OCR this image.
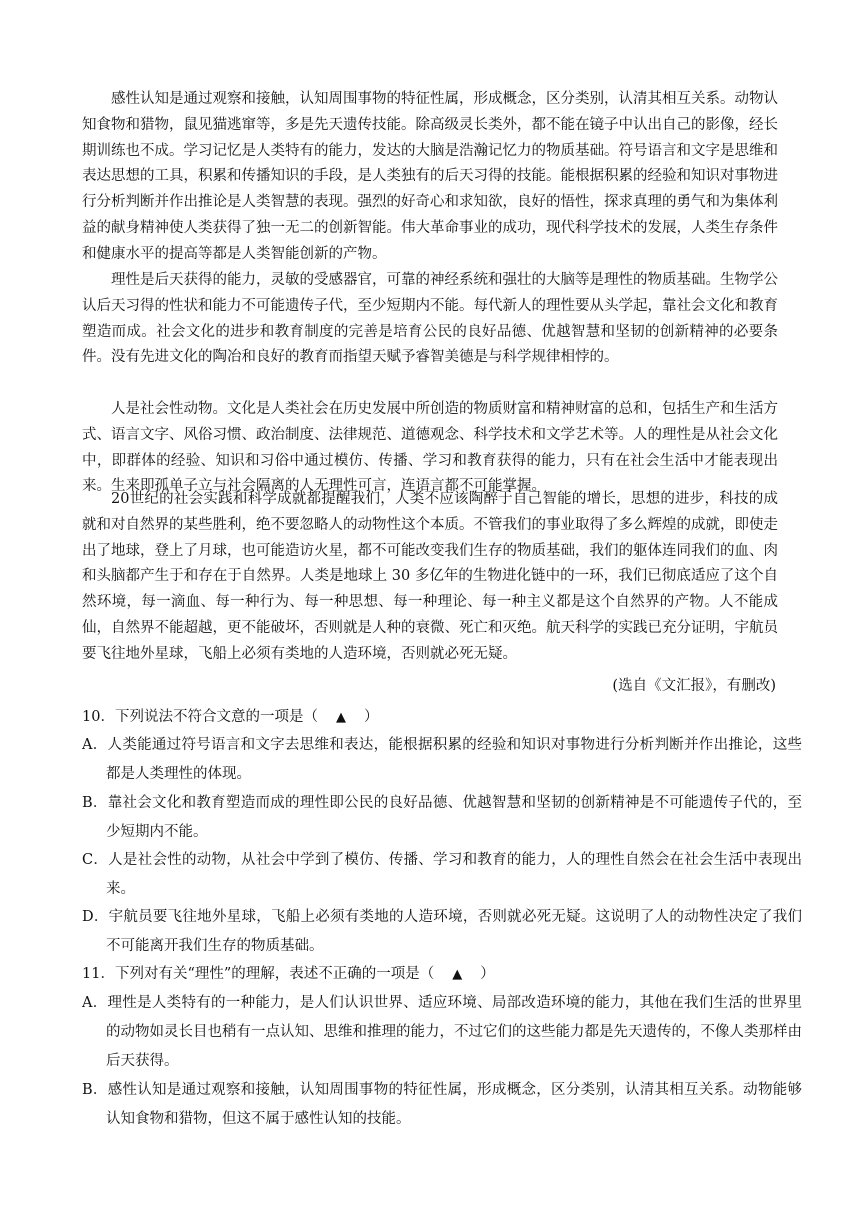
感性认知是通过观察和接触，认知周围事物的特征性属，形成概念，区分类别，认清其相互关系。动物认知食物和猎物，鼠见猫逃窜等，多是先天遗传技能。除高级灵长类外，都不能在镜子中认出自己的影像，经长期训练也不成。学习记忆是人类特有的能力，发达的大脑是浩瀚记忆力的物质基础。符号语言和文字是思维和表达思想的工具，积累和传播知识的手段，是人类独有的后天习得的技能。能根据积累的经验和知识对事物进行分析判断并作出推论是人类智慧的表现。强烈的好奇心和求知欲，良好的悟性，探求真理的勇气和为集体利益的献身精神使人类获得了独一无二的创新智能。伟大革命事业的成功，现代科学技术的发展，人类生存条件和健康水平的提高等都是人类智能创新的产物。

理性是后天获得的能力，灵敏的受感器官，可靠的神经系统和强壮的大脑等是理性的物质基础。生物学公认后天习得的性状和能力不可能遗传子代，至少短期内不能。每代新人的理性要从头学起，靠社会文化和教育塑造而成。社会文化的进步和教育制度的完善是培育公民的良好品德、优越智慧和坚韧的创新精神的必要条件。没有先进文化的陶冶和良好的教育而指望天赋予睿智美德是与科学规律相悖的。

人是社会性动物。文化是人类社会在历史发展中所创造的物质财富和精神财富的总和，包括生产和生活方式、语言文字、风俗习惯、政治制度、法律规范、道德观念、科学技术和文学艺术等。人的理性是从社会文化中，即群体的经验、知识和习俗中通过模仿、传播、学习和教育获得的能力，只有在社会生活中才能表现出来。生来即孤单子立与社会隔离的人无理性可言，连语言都不可能掌握。

20世纪的社会实践和科学成就都提醒我们，人类不应该陶醉于自己智能的增长，思想的进步，科技的成就和对自然界的某些胜利，绝不要忽略人的动物性这个本质。不管我们的事业取得了多么辉煌的成就，即使走出了地球，登上了月球，也可能造访火星，都不可能改变我们生存的物质基础，我们的躯体连同我们的血、肉和头脑都产生于和存在于自然界。人类是地球上 30 多亿年的生物进化链中的一环，我们已彻底适应了这个自然环境，每一滴血、每一种行为、每一种思想、每一种理论、每一种主义都是这个自然界的产物。人不能成仙，自然界不能超越，更不能破坏，否则就是人种的衰微、死亡和灭绝。航天科学的实践已充分证明，宇航员要飞往地外星球，飞船上必须有类地的人造环境，否则就必死无疑。

(选自《文汇报》，有删改)

10．下列说法不符合文意的一项是（ ▲ ）

A．人类能通过符号语言和文字去思维和表达，能根据积累的经验和知识对事物进行分析判断并作出推论，这些都是人类理性的体现。

B．靠社会文化和教育塑造而成的理性即公民的良好品德、优越智慧和坚韧的创新精神是不可能遗传子代的，至少短期内不能。

C．人是社会性的动物，从社会中学到了模仿、传播、学习和教育的能力，人的理性自然会在社会生活中表现出来。

D．宇航员要飞往地外星球，飞船上必须有类地的人造环境，否则就必死无疑。这说明了人的动物性决定了我们不可能离开我们生存的物质基础。

11．下列对有关“理性”的理解，表述不正确的一项是（ ▲ ）

A．理性是人类特有的一种能力，是人们认识世界、适应环境、局部改造环境的能力，其他在我们生活的世界里的动物如灵长目也稍有一点认知、思维和推理的能力，不过它们的这些能力都是先天遗传的，不像人类那样由后天获得。

B．感性认知是通过观察和接触，认知周围事物的特征性属，形成概念，区分类别，认清其相互关系。动物能够认知食物和猎物，但这不属于感性认知的技能。
